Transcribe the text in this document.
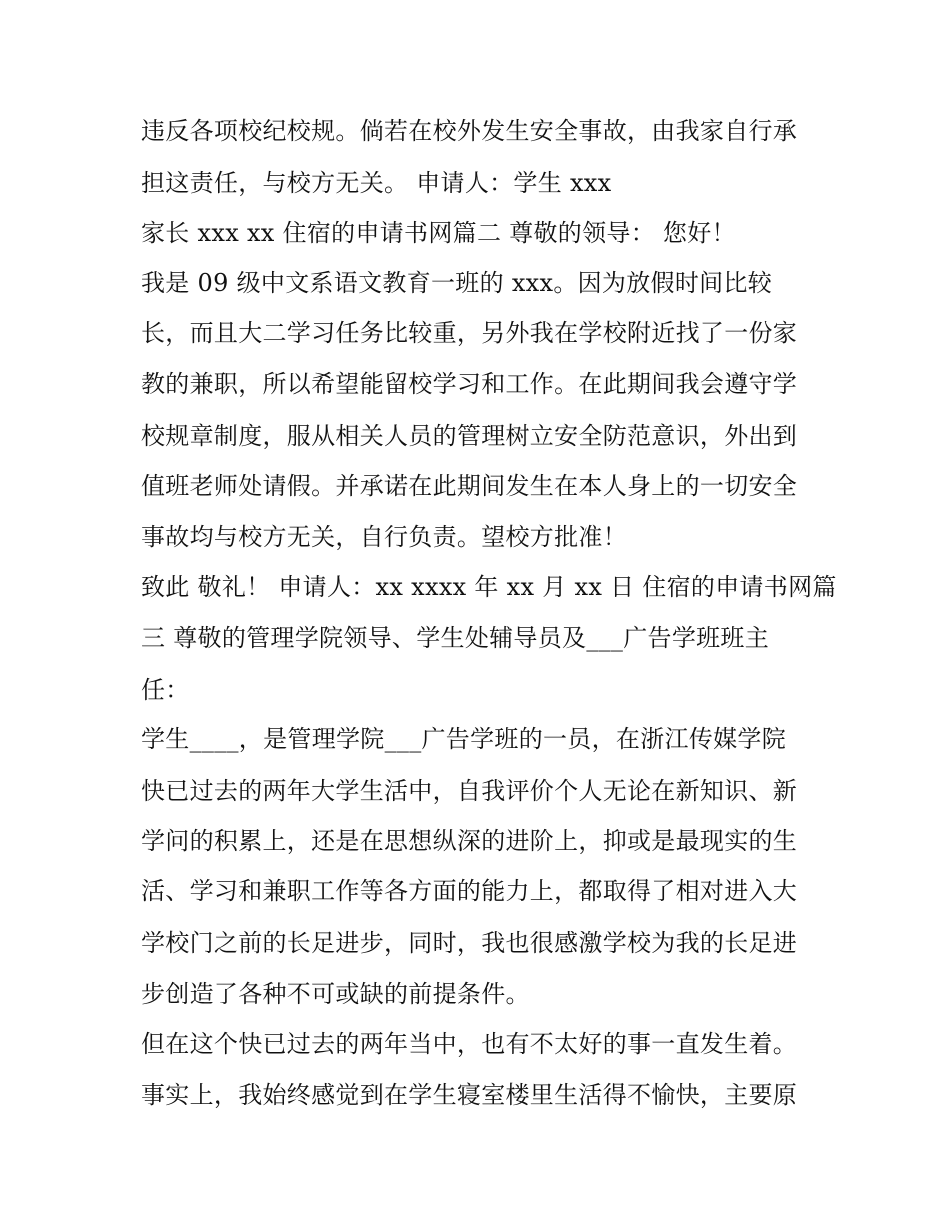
违反各项校纪校规。倘若在校外发生安全事故，由我家自行承
担这责任，与校方无关。 申请人：学生 xxx
家长 xxx xx 住宿的申请书网篇二 尊敬的领导： 您好！
我是 09 级中文系语文教育一班的 xxx。因为放假时间比较
长，而且大二学习任务比较重，另外我在学校附近找了一份家
教的兼职，所以希望能留校学习和工作。在此期间我会遵守学
校规章制度，服从相关人员的管理树立安全防范意识，外出到
值班老师处请假。并承诺在此期间发生在本人身上的一切安全
事故均与校方无关，自行负责。望校方批准！
致此 敬礼！ 申请人：xx xxxx 年 xx 月 xx 日 住宿的申请书网篇
三 尊敬的管理学院领导、学生处辅导员及___广告学班班主
任：
学生____，是管理学院___广告学班的一员，在浙江传媒学院
快已过去的两年大学生活中，自我评价个人无论在新知识、新
学问的积累上，还是在思想纵深的进阶上，抑或是最现实的生
活、学习和兼职工作等各方面的能力上，都取得了相对进入大
学校门之前的长足进步，同时，我也很感激学校为我的长足进
步创造了各种不可或缺的前提条件。
但在这个快已过去的两年当中，也有不太好的事一直发生着。
事实上，我始终感觉到在学生寝室楼里生活得不愉快，主要原
